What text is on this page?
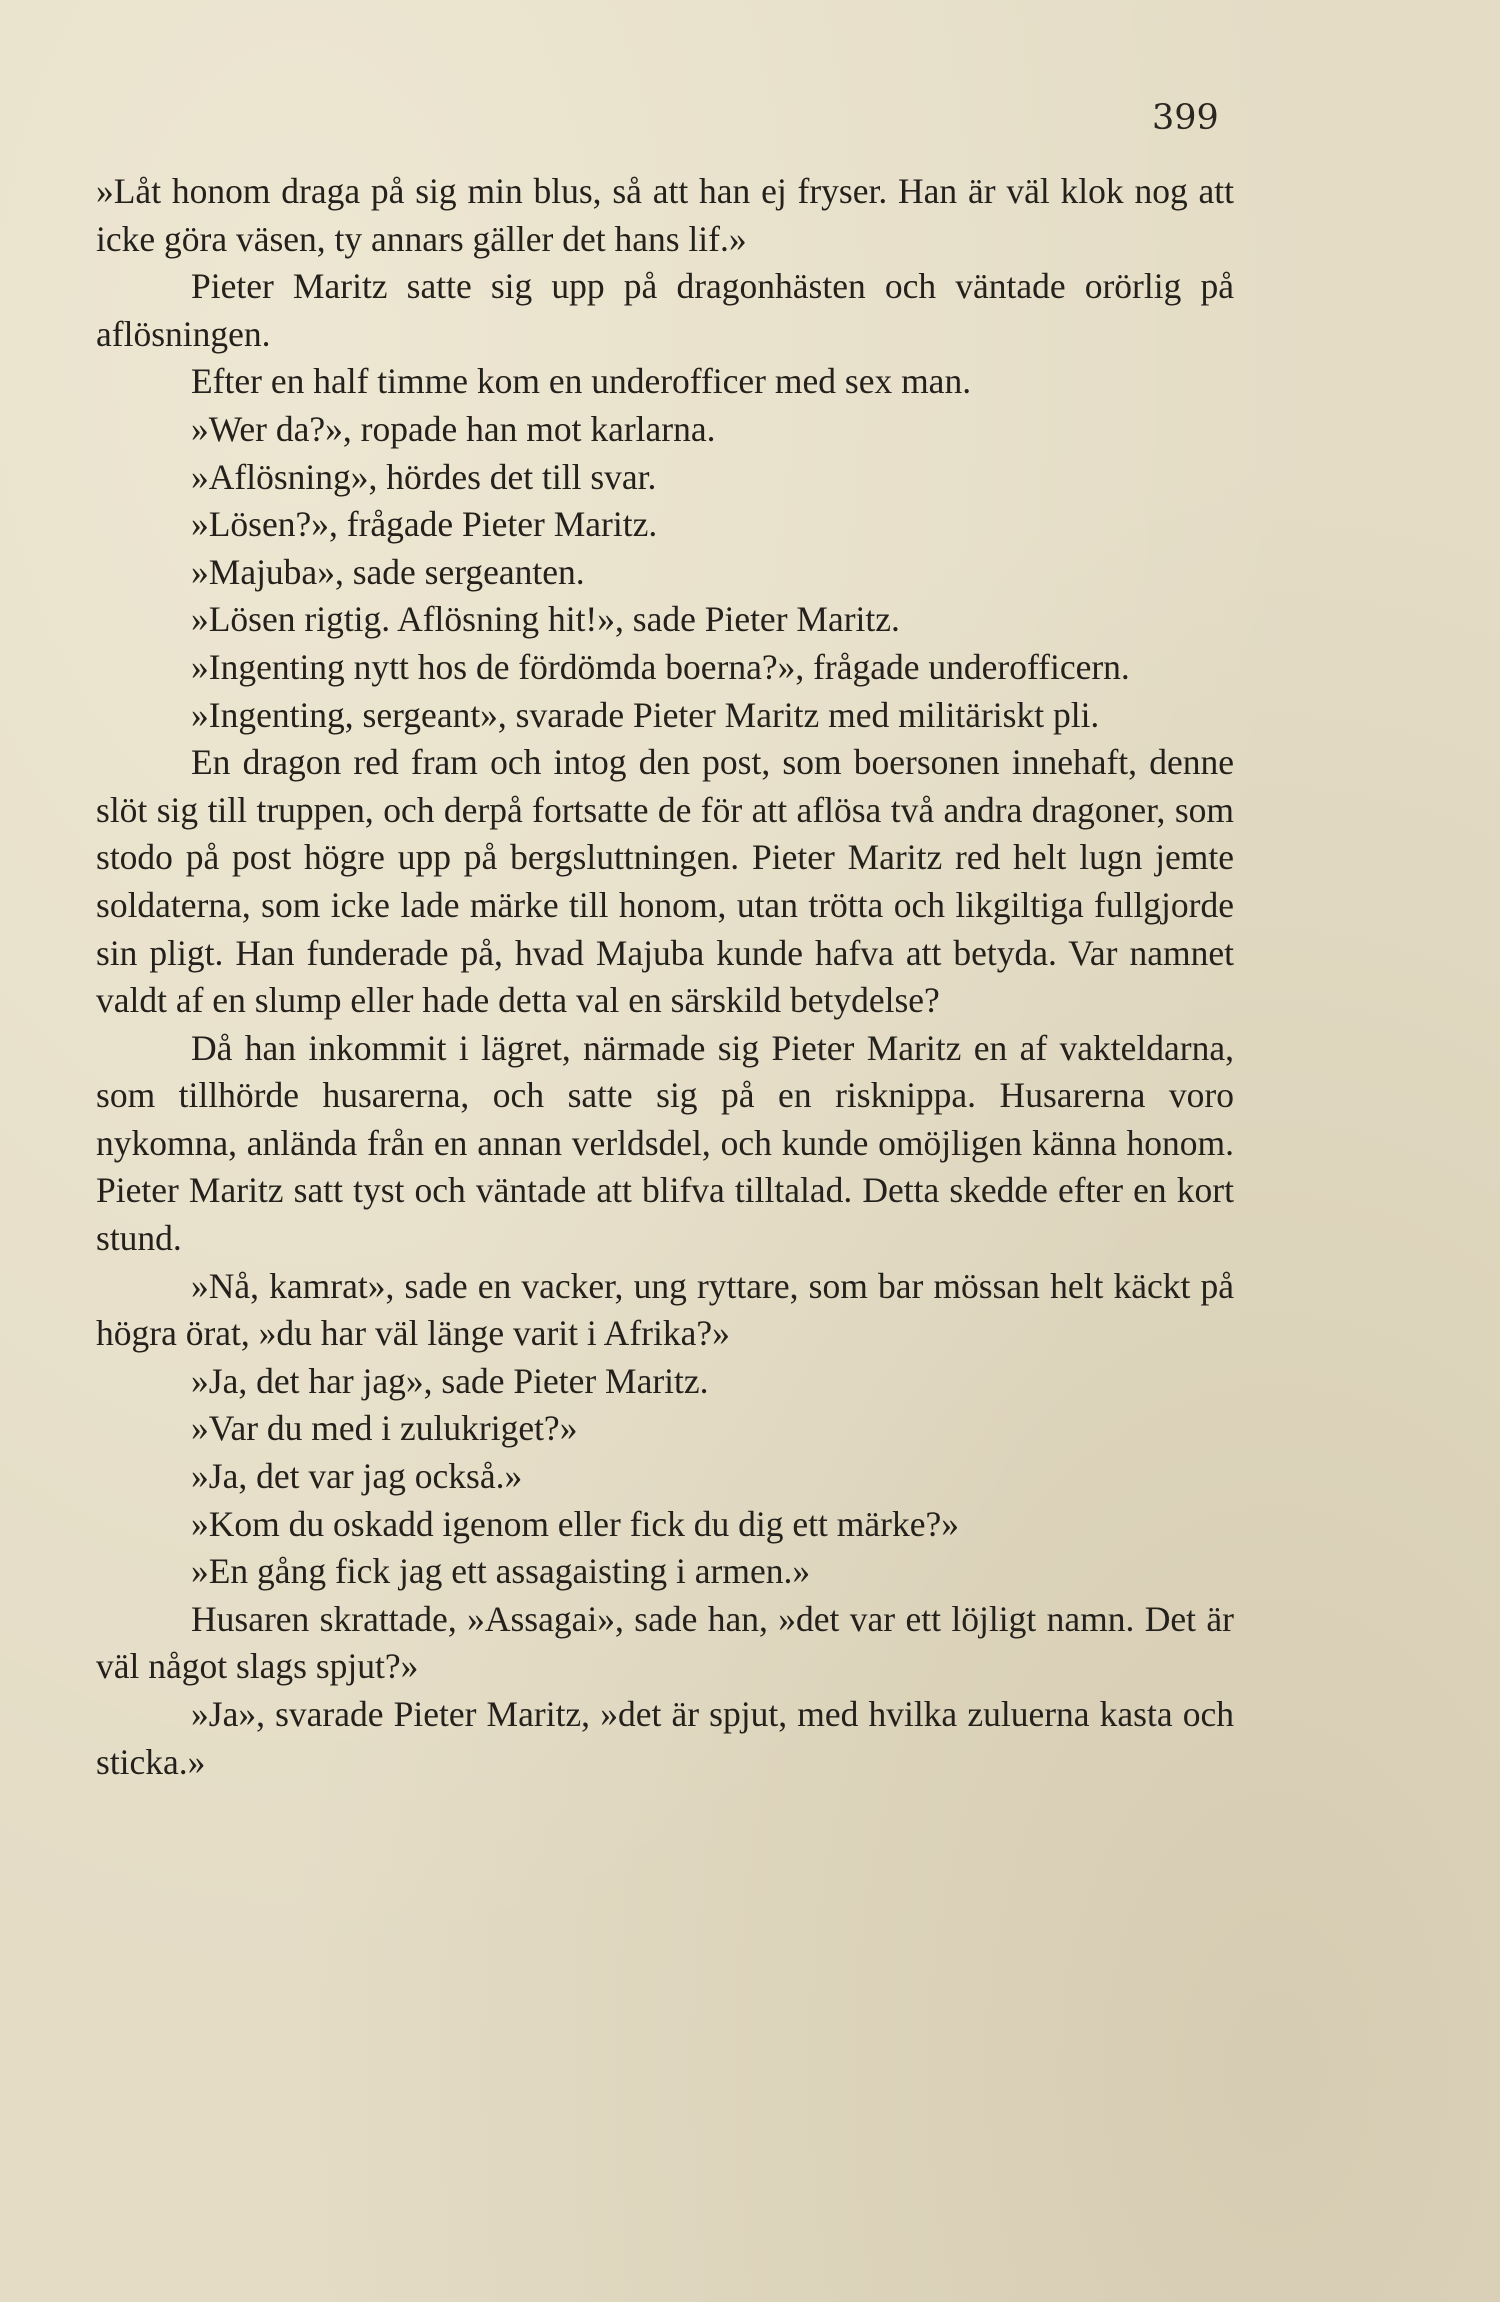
399

»Låt honom draga på sig min blus, så att han ej fryser. Han är väl klok nog att icke göra väsen, ty annars gäller det hans lif.»

Pieter Maritz satte sig upp på dragonhästen och väntade orörlig på aflösningen.

Efter en half timme kom en underofficer med sex man.

»Wer da?», ropade han mot karlarna.

»Aflösning», hördes det till svar.

»Lösen?», frågade Pieter Maritz.

»Majuba», sade sergeanten.

»Lösen rigtig. Aflösning hit!», sade Pieter Maritz.

»Ingenting nytt hos de fördömda boerna?», frågade underofficern.

»Ingenting, sergeant», svarade Pieter Maritz med militäriskt pli.

En dragon red fram och intog den post, som boersonen innehaft, denne slöt sig till truppen, och derpå fortsatte de för att aflösa två andra dragoner, som stodo på post högre upp på bergsluttningen. Pieter Maritz red helt lugn jemte soldaterna, som icke lade märke till honom, utan trötta och likgiltiga fullgjorde sin pligt. Han funderade på, hvad Majuba kunde hafva att betyda. Var namnet valdt af en slump eller hade detta val en särskild betydelse?

Då han inkommit i lägret, närmade sig Pieter Maritz en af vakteldarna, som tillhörde husarerna, och satte sig på en risknippa. Husarerna voro nykomna, anlända från en annan verldsdel, och kunde omöjligen känna honom. Pieter Maritz satt tyst och väntade att blifva tilltalad. Detta skedde efter en kort stund.

»Nå, kamrat», sade en vacker, ung ryttare, som bar mössan helt käckt på högra örat, »du har väl länge varit i Afrika?»

»Ja, det har jag», sade Pieter Maritz.

»Var du med i zulukriget?»

»Ja, det var jag också.»

»Kom du oskadd igenom eller fick du dig ett märke?»

»En gång fick jag ett assagaisting i armen.»

Husaren skrattade, »Assagai», sade han, »det var ett löjligt namn. Det är väl något slags spjut?»

»Ja», svarade Pieter Maritz, »det är spjut, med hvilka zuluerna kasta och sticka.»
